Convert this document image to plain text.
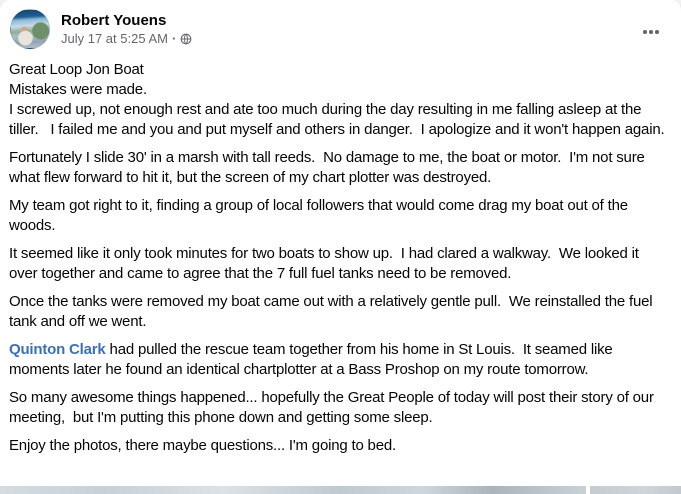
Robert Youens
July 17 at 5:25 AM ·

Great Loop Jon Boat

Mistakes were made.

I screwed up, not enough rest and ate too much during the day resulting in me falling asleep at the tiller.   I failed me and you and put myself and others in danger.  I apologize and it won't happen again.

Fortunately I slide 30' in a marsh with tall reeds.  No damage to me, the boat or motor.  I'm not sure what flew forward to hit it, but the screen of my chart plotter was destroyed.

My team got right to it, finding a group of local followers that would come drag my boat out of the woods.

It seemed like it only took minutes for two boats to show up.  I had clared a walkway.  We looked it over together and came to agree that the 7 full fuel tanks need to be removed.

Once the tanks were removed my boat came out with a relatively gentle pull.  We reinstalled the fuel tank and off we went.

Quinton Clark had pulled the rescue team together from his home in St Louis.  It seamed like moments later he found an identical chartplotter at a Bass Proshop on my route tomorrow.

So many awesome things happened... hopefully the Great People of today will post their story of our meeting,  but I'm putting this phone down and getting some sleep.

Enjoy the photos, there maybe questions... I'm going to bed.
